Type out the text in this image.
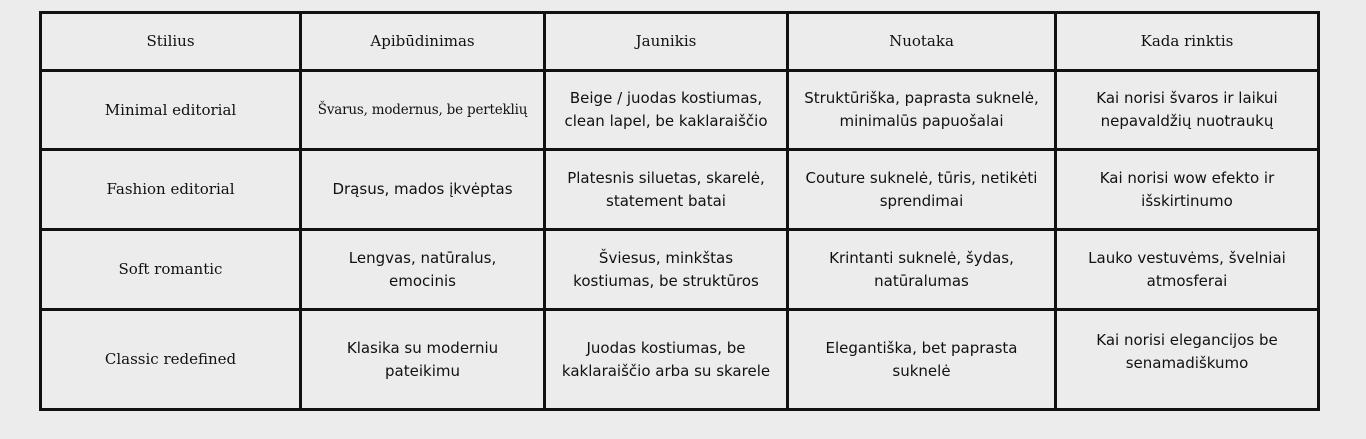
Stilius	Apibūdinimas	Jaunikis	Nuotaka	Kada rinktis
Minimal editorial	Švarus, modernus, be perteklių	Beige / juodas kostiumas, clean lapel, be kaklaraiščio	Struktūriška, paprasta suknelė, minimalūs papuošalai	Kai norisi švaros ir laikui nepavaldžių nuotraukų
Fashion editorial	Drąsus, mados įkvėptas	Platesnis siluetas, skarelė, statement batai	Couture suknelė, tūris, netikėti sprendimai	Kai norisi wow efekto ir išskirtinumo
Soft romantic	Lengvas, natūralus, emocinis	Šviesus, minkštas kostiumas, be struktūros	Krintanti suknelė, šydas, natūralumas	Lauko vestuvėms, švelniai atmosferai
Classic redefined	Klasika su moderniu pateikimu	Juodas kostiumas, be kaklaraiščio arba su skarele	Elegantiška, bet paprasta suknelė	Kai norisi elegancijos be senamadiškumo
